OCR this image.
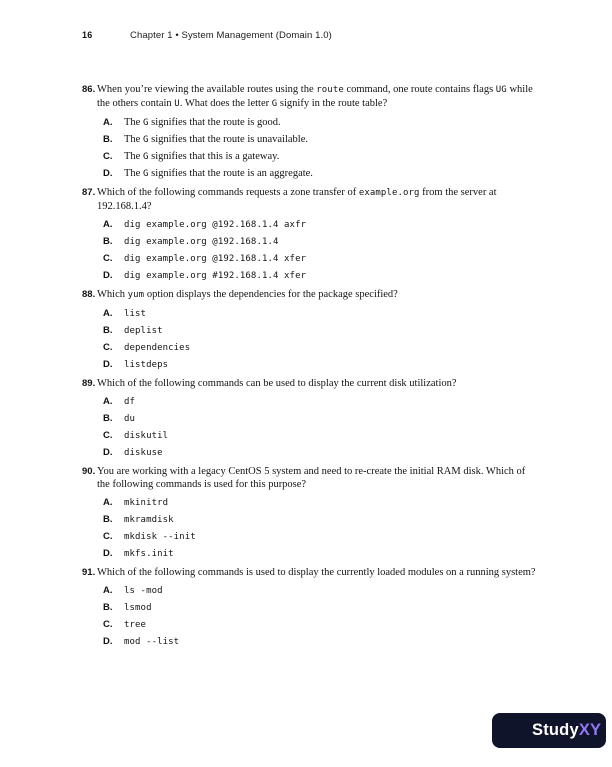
16	Chapter 1 • System Management (Domain 1.0)
86. When you’re viewing the available routes using the route command, one route contains flags UG while the others contain U. What does the letter G signify in the route table?
A.	The G signifies that the route is good.
B.	The G signifies that the route is unavailable.
C.	The G signifies that this is a gateway.
D.	The G signifies that the route is an aggregate.
87. Which of the following commands requests a zone transfer of example.org from the server at 192.168.1.4?
A.	dig example.org @192.168.1.4 axfr
B.	dig example.org @192.168.1.4
C.	dig example.org @192.168.1.4 xfer
D.	dig example.org #192.168.1.4 xfer
88. Which yum option displays the dependencies for the package specified?
A.	list
B.	deplist
C.	dependencies
D.	listdeps
89. Which of the following commands can be used to display the current disk utilization?
A.	df
B.	du
C.	diskutil
D.	diskuse
90. You are working with a legacy CentOS 5 system and need to re-create the initial RAM disk. Which of the following commands is used for this purpose?
A.	mkinitrd
B.	mkramdisk
C.	mkdisk --init
D.	mkfs.init
91. Which of the following commands is used to display the currently loaded modules on a running system?
A.	ls -mod
B.	lsmod
C.	tree
D.	mod --list
StudyXY
